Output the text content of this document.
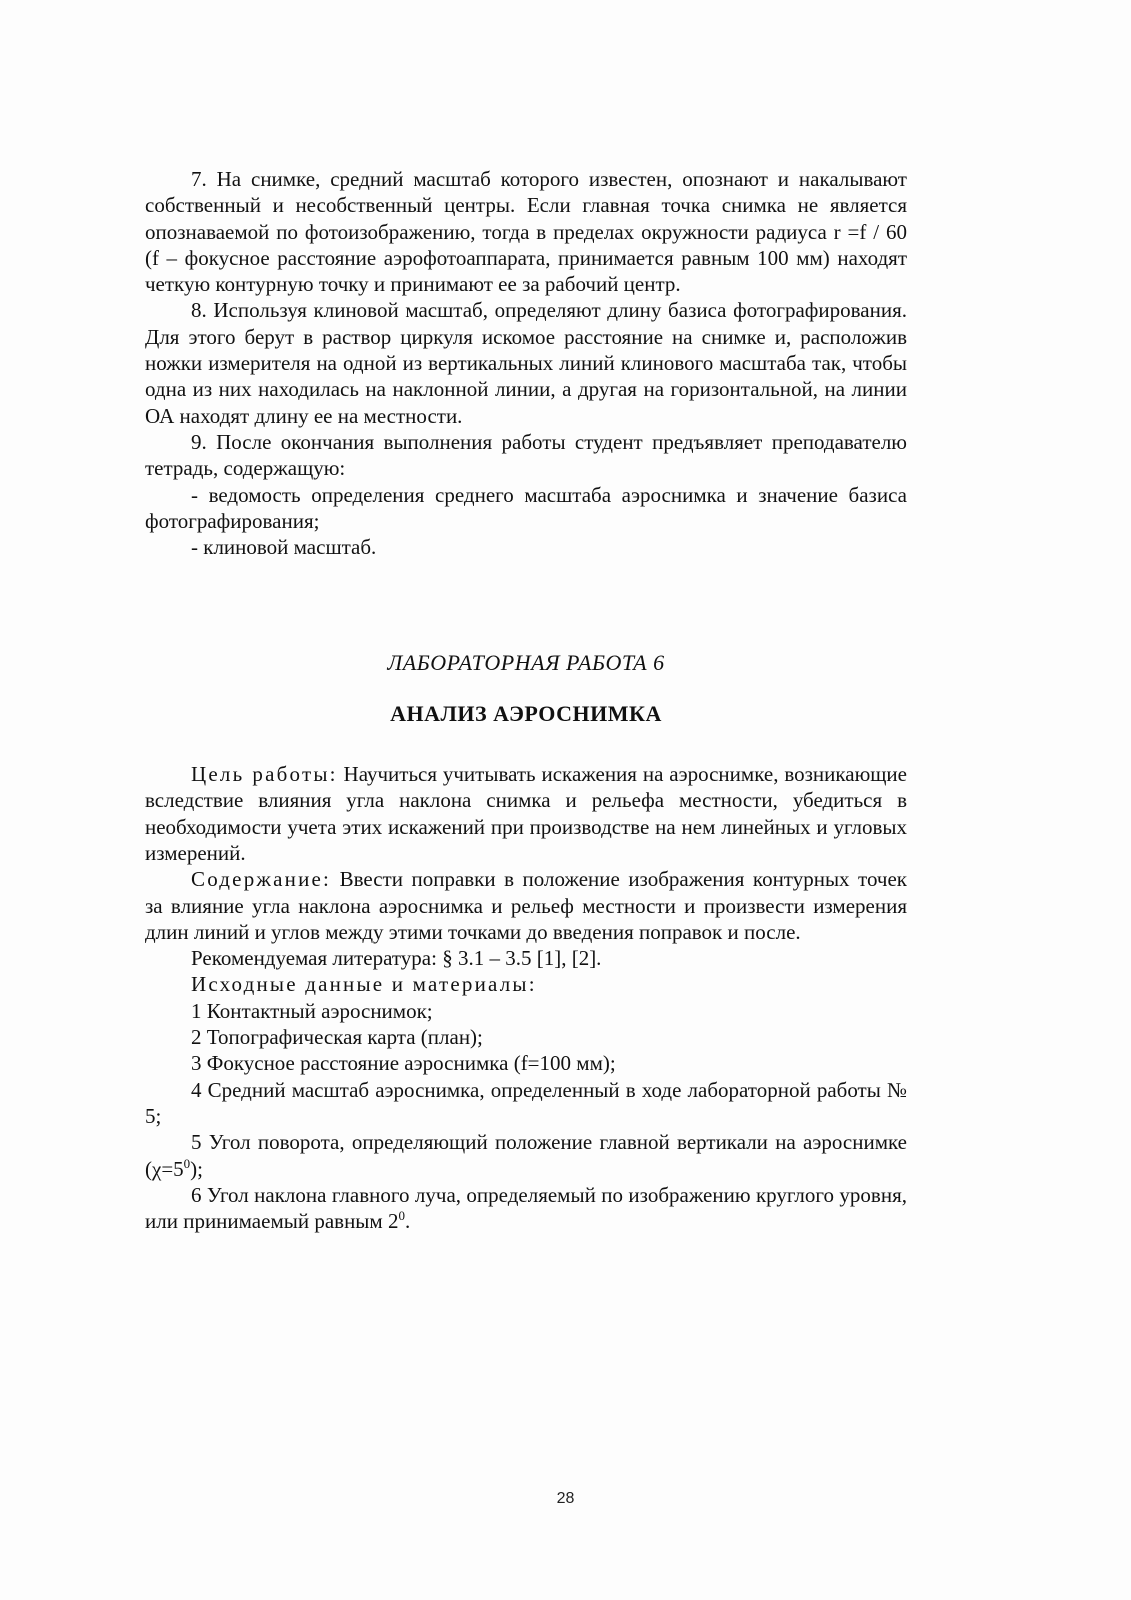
7. На снимке, средний масштаб которого известен, опознают и накалывают собственный и несобственный центры. Если главная точка снимка не является опознаваемой по фотоизображению, тогда в пределах окружности радиуса r =f / 60 (f – фокусное расстояние аэрофотоаппарата, принимается равным 100 мм) находят четкую контурную точку и принимают ее за рабочий центр.

8. Используя клиновой масштаб, определяют длину базиса фотографирования. Для этого берут в раствор циркуля искомое расстояние на снимке и, расположив ножки измерителя на одной из вертикальных линий клинового масштаба так, чтобы одна из них находилась на наклонной линии, а другая на горизонтальной, на линии ОА находят длину ее на местности.

9. После окончания выполнения работы студент предъявляет преподавателю тетрадь, содержащую:

- ведомость определения среднего масштаба аэроснимка и значение базиса фотографирования;

- клиновой масштаб.

ЛАБОРАТОРНАЯ РАБОТА 6
АНАЛИЗ АЭРОСНИМКА

Цель работы: Научиться учитывать искажения на аэроснимке, возникающие вследствие влияния угла наклона снимка и рельефа местности, убедиться в необходимости учета этих искажений при производстве на нем линейных и угловых измерений.

Содержание: Ввести поправки в положение изображения контурных точек за влияние угла наклона аэроснимка и рельеф местности и произвести измерения длин линий и углов между этими точками до введения поправок и после.

Рекомендуемая литература: § 3.1 – 3.5 [1], [2].

Исходные данные и материалы:

1 Контактный аэроснимок;

2 Топографическая карта (план);

3 Фокусное расстояние аэроснимка (f=100 мм);

4 Средний масштаб аэроснимка, определенный в ходе лабораторной работы № 5;

5 Угол поворота, определяющий положение главной вертикали на аэроснимке $(\chi=5^0)$;

6 Угол наклона главного луча, определяемый по изображению круглого уровня, или принимаемый равным $2^0$.

28
